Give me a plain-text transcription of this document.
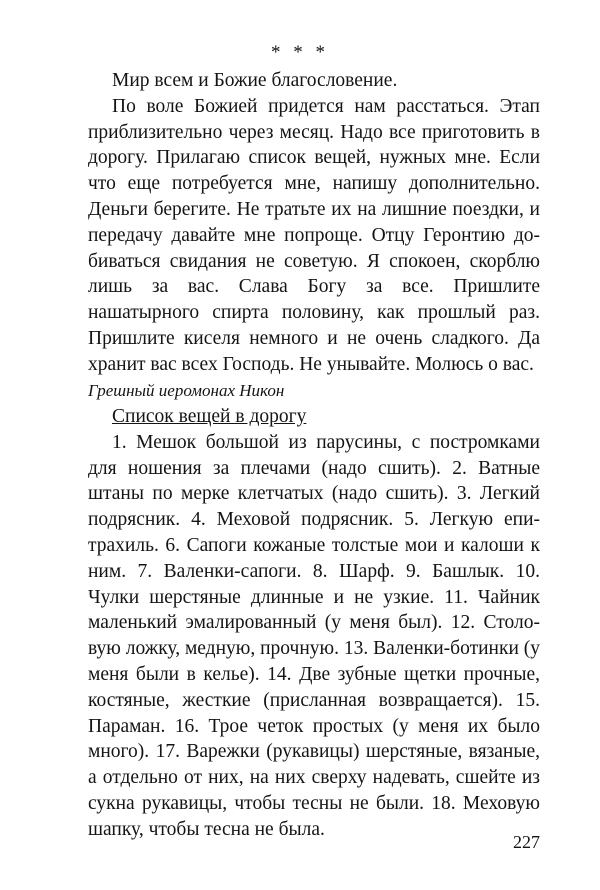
* * *

Мир всем и Божие благословение.

По воле Божией придется нам расстаться. Этап приблизительно через месяц. Надо все приготовить в дорогу. Прилагаю список вещей, нужных мне. Если что еще потребуется мне, напишу дополнительно. Деньги берегите. Не тратьте их на лишние поездки, и передачу давайте мне попроще. Отцу Геронтию добиваться свидания не советую. Я спокоен, скорблю лишь за вас. Слава Богу за все. Пришлите нашатырного спирта половину, как прошлый раз. Пришлите киселя немного и не очень сладкого. Да хранит вас всех Господь. Не унывайте. Молюсь о вас.

Грешный иеромонах Никон

Список вещей в дорогу

1. Мешок большой из парусины, с постромками для ношения за плечами (надо сшить). 2. Ватные штаны по мерке клетчатых (надо сшить). 3. Легкий подрясник. 4. Меховой подрясник. 5. Легкую епитрахиль. 6. Сапоги кожаные толстые мои и калоши к ним. 7. Валенки-сапоги. 8. Шарф. 9. Башлык. 10. Чулки шерстяные длинные и не узкие. 11. Чайник маленький эмалированный (у меня был). 12. Столовую ложку, медную, прочную. 13. Валенки-ботинки (у меня были в келье). 14. Две зубные щетки прочные, костяные, жесткие (присланная возвращается). 15. Параман. 16. Трое четок простых (у меня их было много). 17. Варежки (рукавицы) шерстяные, вязаные, а отдельно от них, на них сверху надевать, сшейте из сукна рукавицы, чтобы тесны не были. 18. Меховую шапку, чтобы тесна не была.

227
